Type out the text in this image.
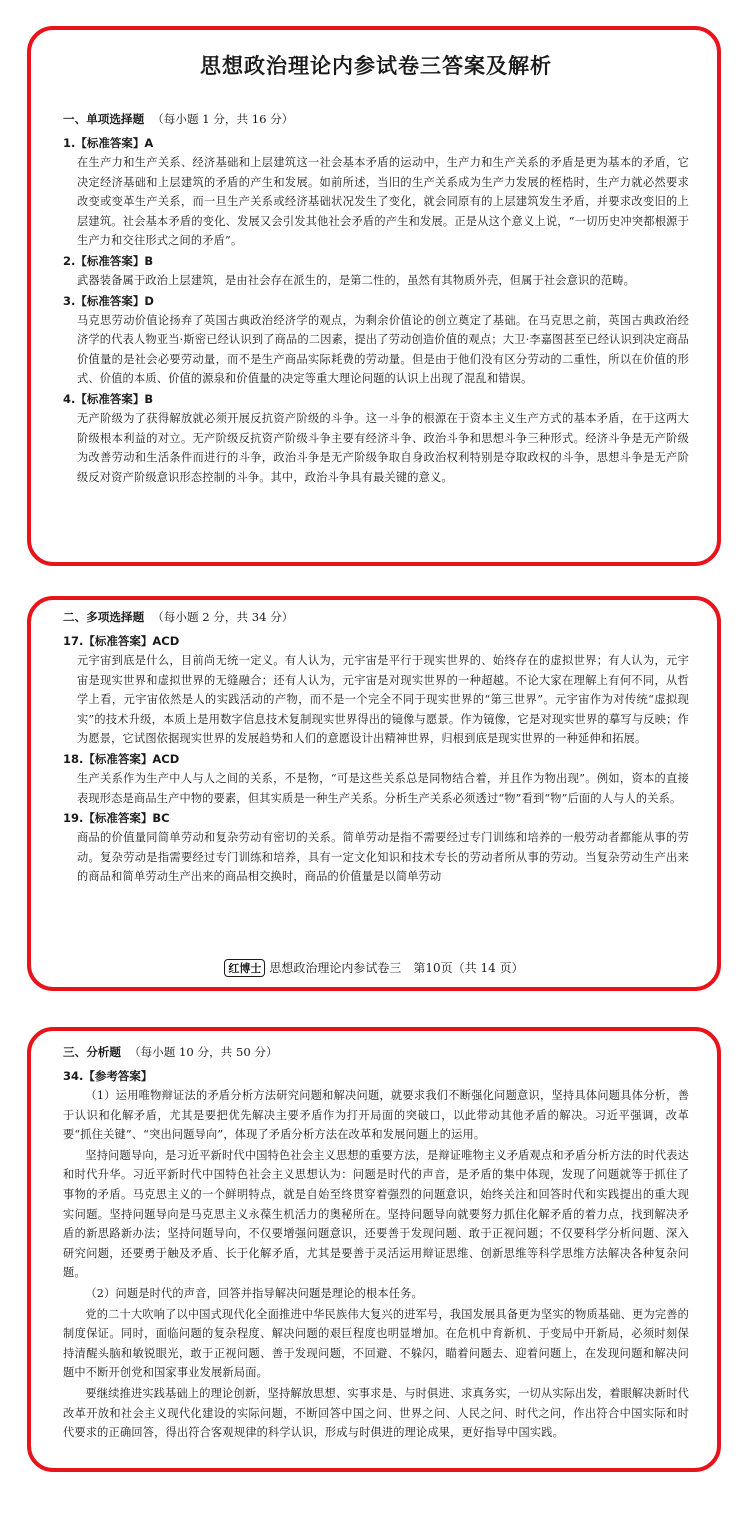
思想政治理论内参试卷三答案及解析
一、单项选择题 （每小题 1 分，共 16 分）
1.【标准答案】A

在生产力和生产关系、经济基础和上层建筑这一社会基本矛盾的运动中，生产力和生产关系的矛盾是更为基本的矛盾，它决定经济基础和上层建筑的矛盾的产生和发展。如前所述，当旧的生产关系成为生产力发展的桎梏时，生产力就必然要求改变或变革生产关系，而一旦生产关系或经济基础状况发生了变化，就会同原有的上层建筑发生矛盾，并要求改变旧的上层建筑。社会基本矛盾的变化、发展又会引发其他社会矛盾的产生和发展。正是从这个意义上说，“一切历史冲突都根源于生产力和交往形式之间的矛盾”。

2.【标准答案】B

武器装备属于政治上层建筑，是由社会存在派生的，是第二性的，虽然有其物质外壳，但属于社会意识的范畴。

3.【标准答案】D

马克思劳动价值论扬弃了英国古典政治经济学的观点，为剩余价值论的创立奠定了基础。在马克思之前，英国古典政治经济学的代表人物亚当·斯密已经认识到了商品的二因素，提出了劳动创造价值的观点；大卫·李嘉图甚至已经认识到决定商品价值量的是社会必要劳动量，而不是生产商品实际耗费的劳动量。但是由于他们没有区分劳动的二重性，所以在价值的形式、价值的本质、价值的源泉和价值量的决定等重大理论问题的认识上出现了混乱和错误。

4.【标准答案】B

无产阶级为了获得解放就必须开展反抗资产阶级的斗争。这一斗争的根源在于资本主义生产方式的基本矛盾，在于这两大阶级根本利益的对立。无产阶级反抗资产阶级斗争主要有经济斗争、政治斗争和思想斗争三种形式。经济斗争是无产阶级为改善劳动和生活条件而进行的斗争，政治斗争是无产阶级争取自身政治权利特别是夺取政权的斗争，思想斗争是无产阶级反对资产阶级意识形态控制的斗争。其中，政治斗争具有最关键的意义。

二、多项选择题 （每小题 2 分，共 34 分）
17.【标准答案】ACD

元宇宙到底是什么，目前尚无统一定义。有人认为，元宇宙是平行于现实世界的、始终存在的虚拟世界；有人认为，元宇宙是现实世界和虚拟世界的无缝融合；还有人认为，元宇宙是对现实世界的一种超越。不论大家在理解上有何不同，从哲学上看，元宇宙依然是人的实践活动的产物，而不是一个完全不同于现实世界的“第三世界”。元宇宙作为对传统“虚拟现实”的技术升级，本质上是用数字信息技术复制现实世界得出的镜像与愿景。作为镜像，它是对现实世界的摹写与反映；作为愿景，它试图依据现实世界的发展趋势和人们的意愿设计出精神世界，归根到底是现实世界的一种延伸和拓展。

18.【标准答案】ACD

生产关系作为生产中人与人之间的关系，不是物，“可是这些关系总是同物结合着，并且作为物出现”。例如，资本的直接表现形态是商品生产中物的要素，但其实质是一种生产关系。分析生产关系必须透过“物”看到“物”后面的人与人的关系。

19.【标准答案】BC

商品的价值量同简单劳动和复杂劳动有密切的关系。简单劳动是指不需要经过专门训练和培养的一般劳动者都能从事的劳动。复杂劳动是指需要经过专门训练和培养，具有一定文化知识和技术专长的劳动者所从事的劳动。当复杂劳动生产出来的商品和简单劳动生产出来的商品相交换时，商品的价值量是以简单劳动

红博士 思想政治理论内参试卷三　第10页（共 14 页）
三、分析题 （每小题 10 分，共 50 分）
34.【参考答案】

（1）运用唯物辩证法的矛盾分析方法研究问题和解决问题，就要求我们不断强化问题意识，坚持具体问题具体分析，善于认识和化解矛盾，尤其是要把优先解决主要矛盾作为打开局面的突破口，以此带动其他矛盾的解决。习近平强调，改革要“抓住关键”、“突出问题导向”，体现了矛盾分析方法在改革和发展问题上的运用。

坚持问题导向，是习近平新时代中国特色社会主义思想的重要方法，是辩证唯物主义矛盾观点和矛盾分析方法的时代表达和时代升华。习近平新时代中国特色社会主义思想认为：问题是时代的声音，是矛盾的集中体现，发现了问题就等于抓住了事物的矛盾。马克思主义的一个鲜明特点，就是自始至终贯穿着强烈的问题意识，始终关注和回答时代和实践提出的重大现实问题。坚持问题导向是马克思主义永葆生机活力的奥秘所在。坚持问题导向就要努力抓住化解矛盾的着力点，找到解决矛盾的新思路新办法；坚持问题导向，不仅要增强问题意识，还要善于发现问题、敢于正视问题；不仅要科学分析问题、深入研究问题，还要勇于触及矛盾、长于化解矛盾，尤其是要善于灵活运用辩证思维、创新思维等科学思维方法解决各种复杂问题。

（2）问题是时代的声音，回答并指导解决问题是理论的根本任务。

党的二十大吹响了以中国式现代化全面推进中华民族伟大复兴的进军号，我国发展具备更为坚实的物质基础、更为完善的制度保证。同时，面临问题的复杂程度、解决问题的艰巨程度也明显增加。在危机中育新机、于变局中开新局，必须时刻保持清醒头脑和敏锐眼光，敢于正视问题、善于发现问题，不回避、不躲闪，瞄着问题去、迎着问题上，在发现问题和解决问题中不断开创党和国家事业发展新局面。

要继续推进实践基础上的理论创新，坚持解放思想、实事求是、与时俱进、求真务实，一切从实际出发，着眼解决新时代改革开放和社会主义现代化建设的实际问题，不断回答中国之问、世界之问、人民之问、时代之问，作出符合中国实际和时代要求的正确回答，得出符合客观规律的科学认识，形成与时俱进的理论成果，更好指导中国实践。
